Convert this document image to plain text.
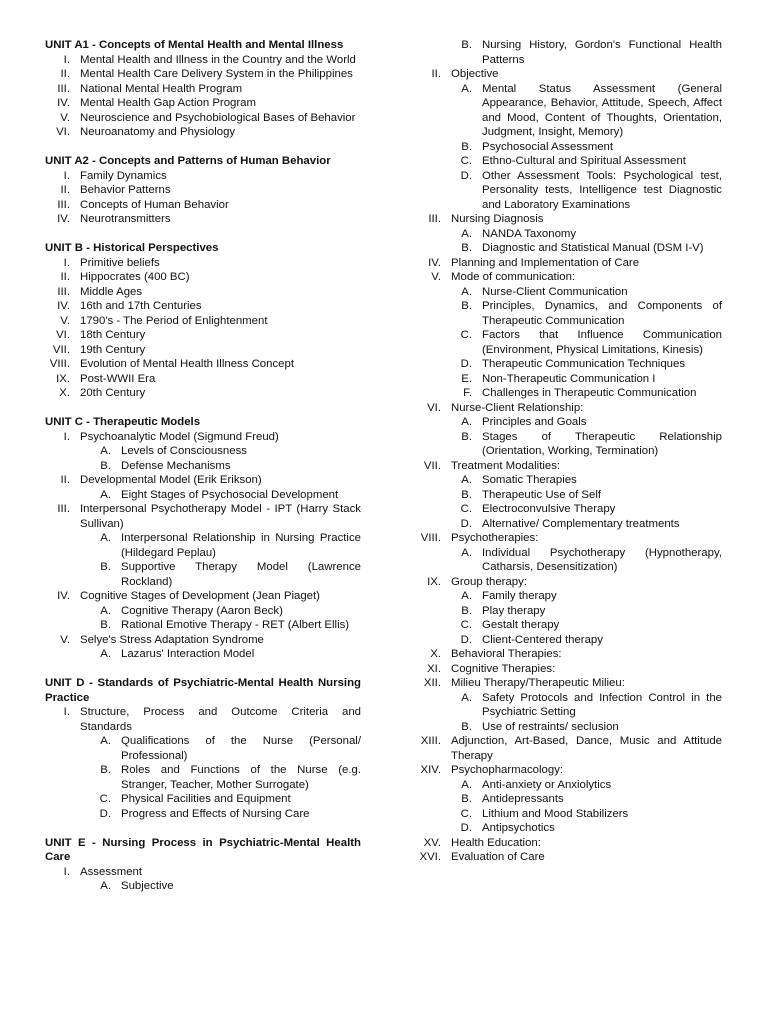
UNIT A1 - Concepts of Mental Health and Mental Illness
I. Mental Health and Illness in the Country and the World
II. Mental Health Care Delivery System in the Philippines
III. National Mental Health Program
IV. Mental Health Gap Action Program
V. Neuroscience and Psychobiological Bases of Behavior
VI. Neuroanatomy and Physiology
UNIT A2 - Concepts and Patterns of Human Behavior
I. Family Dynamics
II. Behavior Patterns
III. Concepts of Human Behavior
IV. Neurotransmitters
UNIT B - Historical Perspectives
I. Primitive beliefs
II. Hippocrates (400 BC)
III. Middle Ages
IV. 16th and 17th Centuries
V. 1790's - The Period of Enlightenment
VI. 18th Century
VII. 19th Century
VIII. Evolution of Mental Health Illness Concept
IX. Post-WWII Era
X. 20th Century
UNIT C - Therapeutic Models
I. Psychoanalytic Model (Sigmund Freud)
A. Levels of Consciousness
B. Defense Mechanisms
II. Developmental Model (Erik Erikson)
A. Eight Stages of Psychosocial Development
III. Interpersonal Psychotherapy Model - IPT (Harry Stack Sullivan)
A. Interpersonal Relationship in Nursing Practice (Hildegard Peplau)
B. Supportive Therapy Model (Lawrence Rockland)
IV. Cognitive Stages of Development (Jean Piaget)
A. Cognitive Therapy (Aaron Beck)
B. Rational Emotive Therapy - RET (Albert Ellis)
V. Selye's Stress Adaptation Syndrome
A. Lazarus' Interaction Model
UNIT D - Standards of Psychiatric-Mental Health Nursing Practice
I. Structure, Process and Outcome Criteria and Standards
A. Qualifications of the Nurse (Personal/ Professional)
B. Roles and Functions of the Nurse (e.g. Stranger, Teacher, Mother Surrogate)
C. Physical Facilities and Equipment
D. Progress and Effects of Nursing Care
UNIT E - Nursing Process in Psychiatric-Mental Health Care
I. Assessment
A. Subjective
B. Nursing History, Gordon's Functional Health Patterns
II. Objective
A. Mental Status Assessment (General Appearance, Behavior, Attitude, Speech, Affect and Mood, Content of Thoughts, Orientation, Judgment, Insight, Memory)
B. Psychosocial Assessment
C. Ethno-Cultural and Spiritual Assessment
D. Other Assessment Tools: Psychological test, Personality tests, Intelligence test Diagnostic and Laboratory Examinations
III. Nursing Diagnosis
A. NANDA Taxonomy
B. Diagnostic and Statistical Manual (DSM I-V)
IV. Planning and Implementation of Care
V. Mode of communication:
A. Nurse-Client Communication
B. Principles, Dynamics, and Components of Therapeutic Communication
C. Factors that Influence Communication (Environment, Physical Limitations, Kinesis)
D. Therapeutic Communication Techniques
E. Non-Therapeutic Communication I
F. Challenges in Therapeutic Communication
VI. Nurse-Client Relationship:
A. Principles and Goals
B. Stages of Therapeutic Relationship (Orientation, Working, Termination)
VII. Treatment Modalities:
A. Somatic Therapies
B. Therapeutic Use of Self
C. Electroconvulsive Therapy
D. Alternative/ Complementary treatments
VIII. Psychotherapies:
A. Individual Psychotherapy (Hypnotherapy, Catharsis, Desensitization)
IX. Group therapy:
A. Family therapy
B. Play therapy
C. Gestalt therapy
D. Client-Centered therapy
X. Behavioral Therapies:
XI. Cognitive Therapies:
XII. Milieu Therapy/Therapeutic Milieu:
A. Safety Protocols and Infection Control in the Psychiatric Setting
B. Use of restraints/ seclusion
XIII. Adjunction, Art-Based, Dance, Music and Attitude Therapy
XIV. Psychopharmacology:
A. Anti-anxiety or Anxiolytics
B. Antidepressants
C. Lithium and Mood Stabilizers
D. Antipsychotics
XV. Health Education:
XVI. Evaluation of Care
